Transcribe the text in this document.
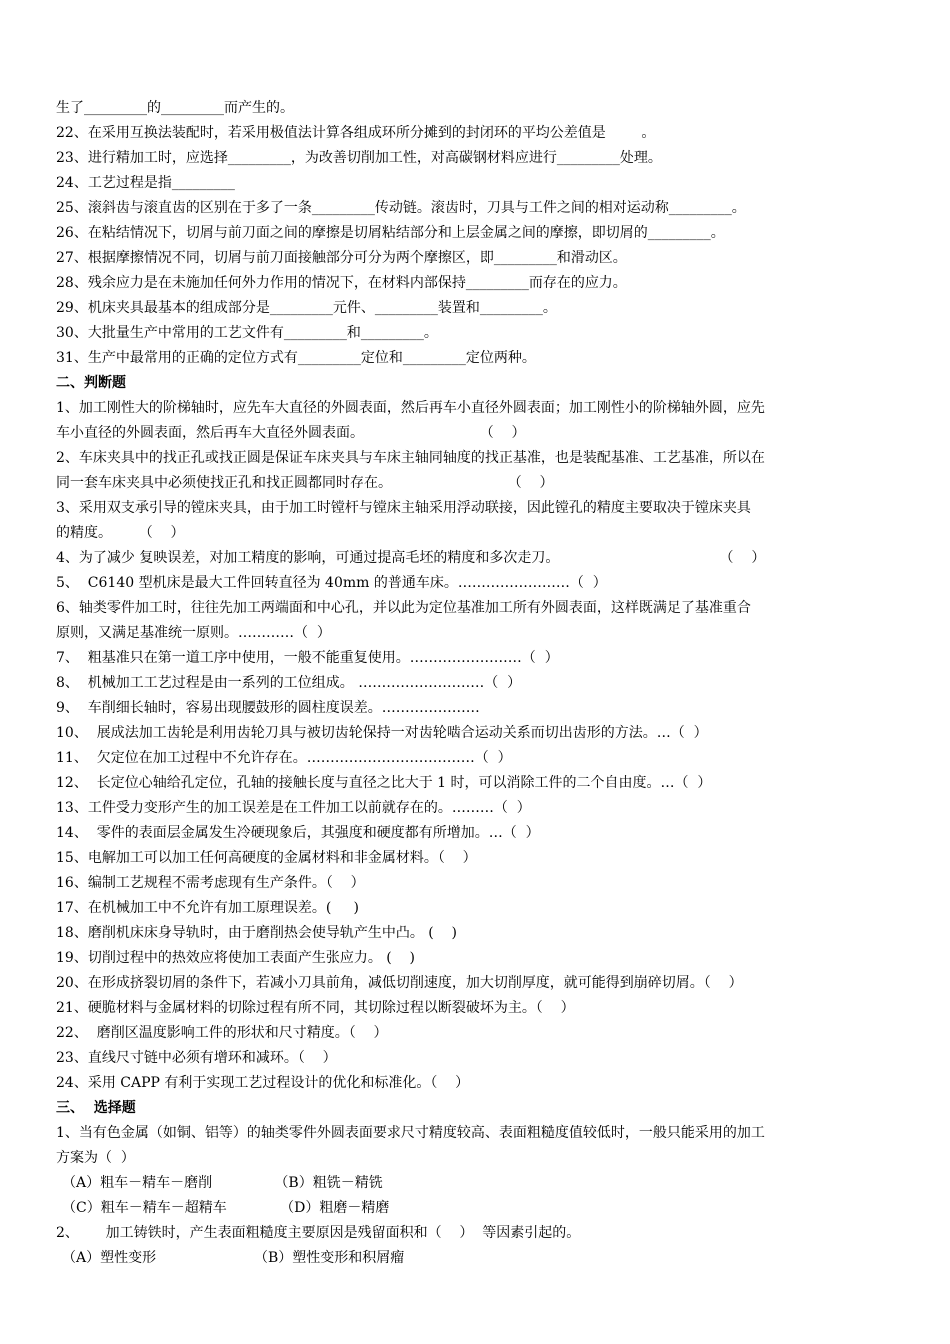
生了_________的_________而产生的。
22、在采用互换法装配时，若采用极值法计算各组成环所分摊到的封闭环的平均公差值是        。
23、进行精加工时，应选择_________，为改善切削加工性，对高碳钢材料应进行_________处理。
24、工艺过程是指_________
25、滚斜齿与滚直齿的区别在于多了一条_________传动链。滚齿时，刀具与工件之间的相对运动称_________。
26、在粘结情况下，切屑与前刀面之间的摩擦是切屑粘结部分和上层金属之间的摩擦，即切屑的_________。
27、根据摩擦情况不同，切屑与前刀面接触部分可分为两个摩擦区，即_________和滑动区。
28、残余应力是在未施加任何外力作用的情况下，在材料内部保持_________而存在的应力。
29、机床夹具最基本的组成部分是_________元件、_________装置和_________。
30、大批量生产中常用的工艺文件有_________和_________。
31、生产中最常用的正确的定位方式有_________定位和_________定位两种。
二、判断题
1、加工刚性大的阶梯轴时，应先车大直径的外圆表面，然后再车小直径外圆表面；加工刚性小的阶梯轴外圆，应先
车小直径的外圆表面，然后再车大直径外圆表面。                          （    ）
2、车床夹具中的找正孔或找正圆是保证车床夹具与车床主轴同轴度的找正基准，也是装配基准、工艺基准，所以在
同一套车床夹具中必须使找正孔和找正圆都同时存在。                          （    ）
3、采用双支承引导的镗床夹具，由于加工时镗杆与镗床主轴采用浮动联接，因此镗孔的精度主要取决于镗床夹具
的精度。      （    ）
4、为了减少 复映误差，对加工精度的影响，可通过提高毛坯的精度和多次走刀。                                    （    ）
5、  C6140 型机床是最大工件回转直径为 40mm 的普通车床。……………………（  ）
6、轴类零件加工时，往往先加工两端面和中心孔，并以此为定位基准加工所有外圆表面，这样既满足了基准重合
原则，又满足基准统一原则。…………（  ）
7、  粗基准只在第一道工序中使用，一般不能重复使用。……………………（  ）
8、  机械加工工艺过程是由一系列的工位组成。 ………………………（  ）
9、  车削细长轴时，容易出现腰鼓形的圆柱度误差。…………………
10、  展成法加工齿轮是利用齿轮刀具与被切齿轮保持一对齿轮啮合运动关系而切出齿形的方法。…（  ）
11、  欠定位在加工过程中不允许存在。………………………………（  ）
12、  长定位心轴给孔定位，孔轴的接触长度与直径之比大于 1 时，可以消除工件的二个自由度。…（  ）
13、工件受力变形产生的加工误差是在工件加工以前就存在的。………（  ）
14、  零件的表面层金属发生冷硬现象后，其强度和硬度都有所增加。…（  ）
15、电解加工可以加工任何高硬度的金属材料和非金属材料。（    ）
16、编制工艺规程不需考虑现有生产条件。（    ）
17、在机械加工中不允许有加工原理误差。(     )
18、磨削机床床身导轨时，由于磨削热会使导轨产生中凸。 (    )
19、切削过程中的热效应将使加工表面产生张应力。 (    )
20、在形成挤裂切屑的条件下，若减小刀具前角，减低切削速度，加大切削厚度，就可能得到崩碎切屑。（    ）
21、硬脆材料与金属材料的切除过程有所不同，其切除过程以断裂破坏为主。（    ）
22、  磨削区温度影响工件的形状和尺寸精度。（    ）
23、直线尺寸链中必须有增环和减环。（    ）
24、采用 CAPP 有利于实现工艺过程设计的优化和标准化。（    ）
三、  选择题
1、当有色金属（如铜、铝等）的轴类零件外圆表面要求尺寸精度较高、表面粗糙度值较低时，一般只能采用的加工
方案为（  ）
（A）粗车－精车－磨削              （B）粗铣－精铣
（C）粗车－精车－超精车            （D）粗磨－精磨
2、      加工铸铁时，产生表面粗糙度主要原因是残留面积和（    ）  等因素引起的。
（A）塑性变形                      （B）塑性变形和积屑瘤
